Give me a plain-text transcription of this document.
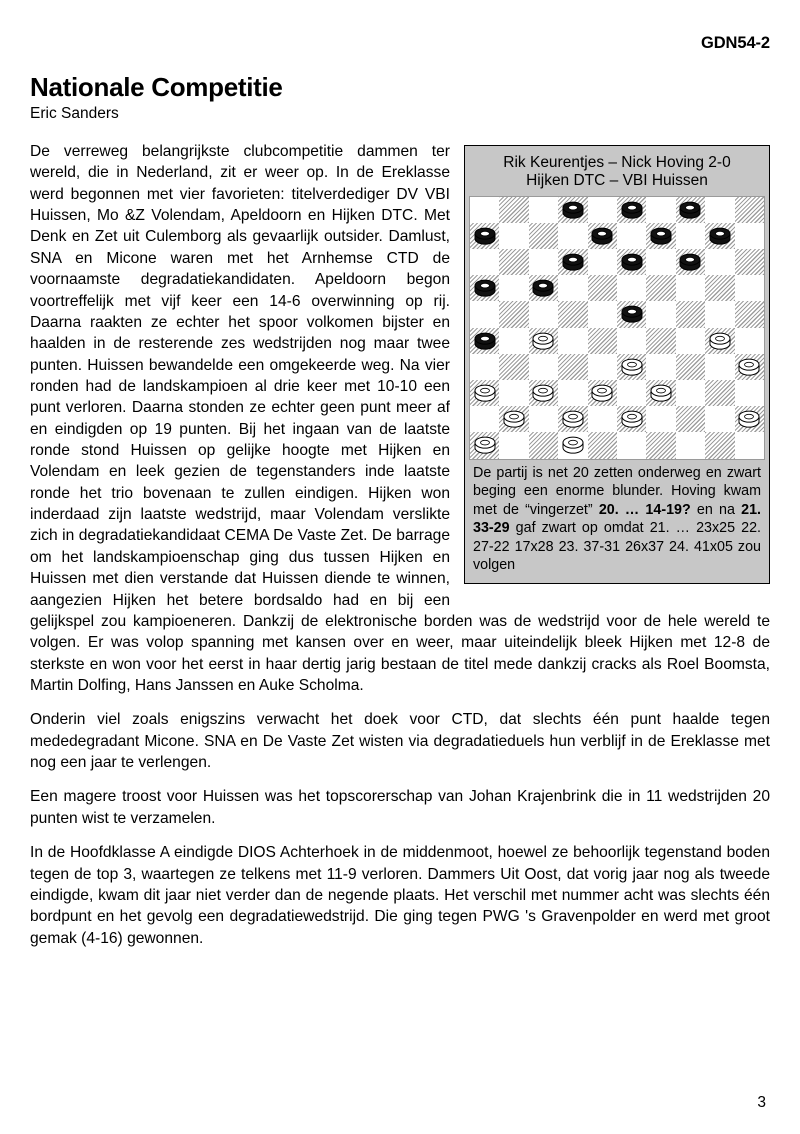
GDN54-2
Nationale Competitie
Eric Sanders
Rik Keurentjes – Nick Hoving 2-0
Hijken DTC – VBI Huissen
De partij is net 20 zetten onderweg en zwart beging een enorme blunder. Hoving kwam met de “vingerzet” 20. … 14-19? en na 21. 33-29 gaf zwart op omdat 21. … 23x25 22. 27-22 17x28 23. 37-31 26x37 24. 41x05 zou volgen

De verreweg belangrijkste clubcompetitie dammen ter wereld, die in Nederland, zit er weer op. In de Ereklasse werd begonnen met vier favorieten: titelverdediger DV VBI Huissen, Mo &Z Volendam, Apeldoorn en Hijken DTC. Met Denk en Zet uit Culemborg als gevaarlijk outsider. Damlust, SNA en Micone waren met het Arnhemse CTD de voornaamste degradatiekandidaten. Apeldoorn begon voortreffelijk met vijf keer een 14-6 overwinning op rij. Daarna raakten ze echter het spoor volkomen bijster en haalden in de resterende zes wedstrijden nog maar twee punten. Huissen bewandelde een omgekeerde weg. Na vier ronden had de landskampioen al drie keer met 10-10 een punt verloren. Daarna stonden ze echter geen punt meer af en eindigden op 19 punten. Bij het ingaan van de laatste ronde stond Huissen op gelijke hoogte met Hijken en Volendam en leek gezien de tegenstanders inde laatste ronde het trio bovenaan te zullen eindigen. Hijken won inderdaad zijn laatste wedstrijd, maar Volendam verslikte zich in degradatiekandidaat CEMA De Vaste Zet. De barrage om het landskampioenschap ging dus tussen Hijken en Huissen met dien verstande dat Huissen diende te winnen, aangezien Hijken het betere bordsaldo had en bij een gelijkspel zou kampioeneren. Dankzij de elektronische borden was de wedstrijd voor de hele wereld te volgen. Er was volop spanning met kansen over en weer, maar uiteindelijk bleek Hijken met 12-8 de sterkste en won voor het eerst in haar dertig jarig bestaan de titel mede dankzij cracks als Roel Boomsta, Martin Dolfing, Hans Janssen en Auke Scholma.

Onderin viel zoals enigszins verwacht het doek voor CTD, dat slechts één punt haalde tegen mededegradant Micone. SNA en De Vaste Zet wisten via degradatieduels hun verblijf in de Ereklasse met nog een jaar te verlengen.

Een magere troost voor Huissen was het topscorerschap van Johan Krajenbrink die in 11 wedstrijden 20 punten wist te verzamelen.

In de Hoofdklasse A eindigde DIOS Achterhoek in de middenmoot, hoewel ze behoorlijk tegenstand boden tegen de top 3, waartegen ze telkens met 11-9 verloren. Dammers Uit Oost, dat vorig jaar nog als tweede eindigde, kwam dit jaar niet verder dan de negende plaats. Het verschil met nummer acht was slechts één bordpunt en het gevolg een degradatiewedstrijd. Die ging tegen PWG 's Gravenpolder en werd met groot gemak (4-16) gewonnen.

3
